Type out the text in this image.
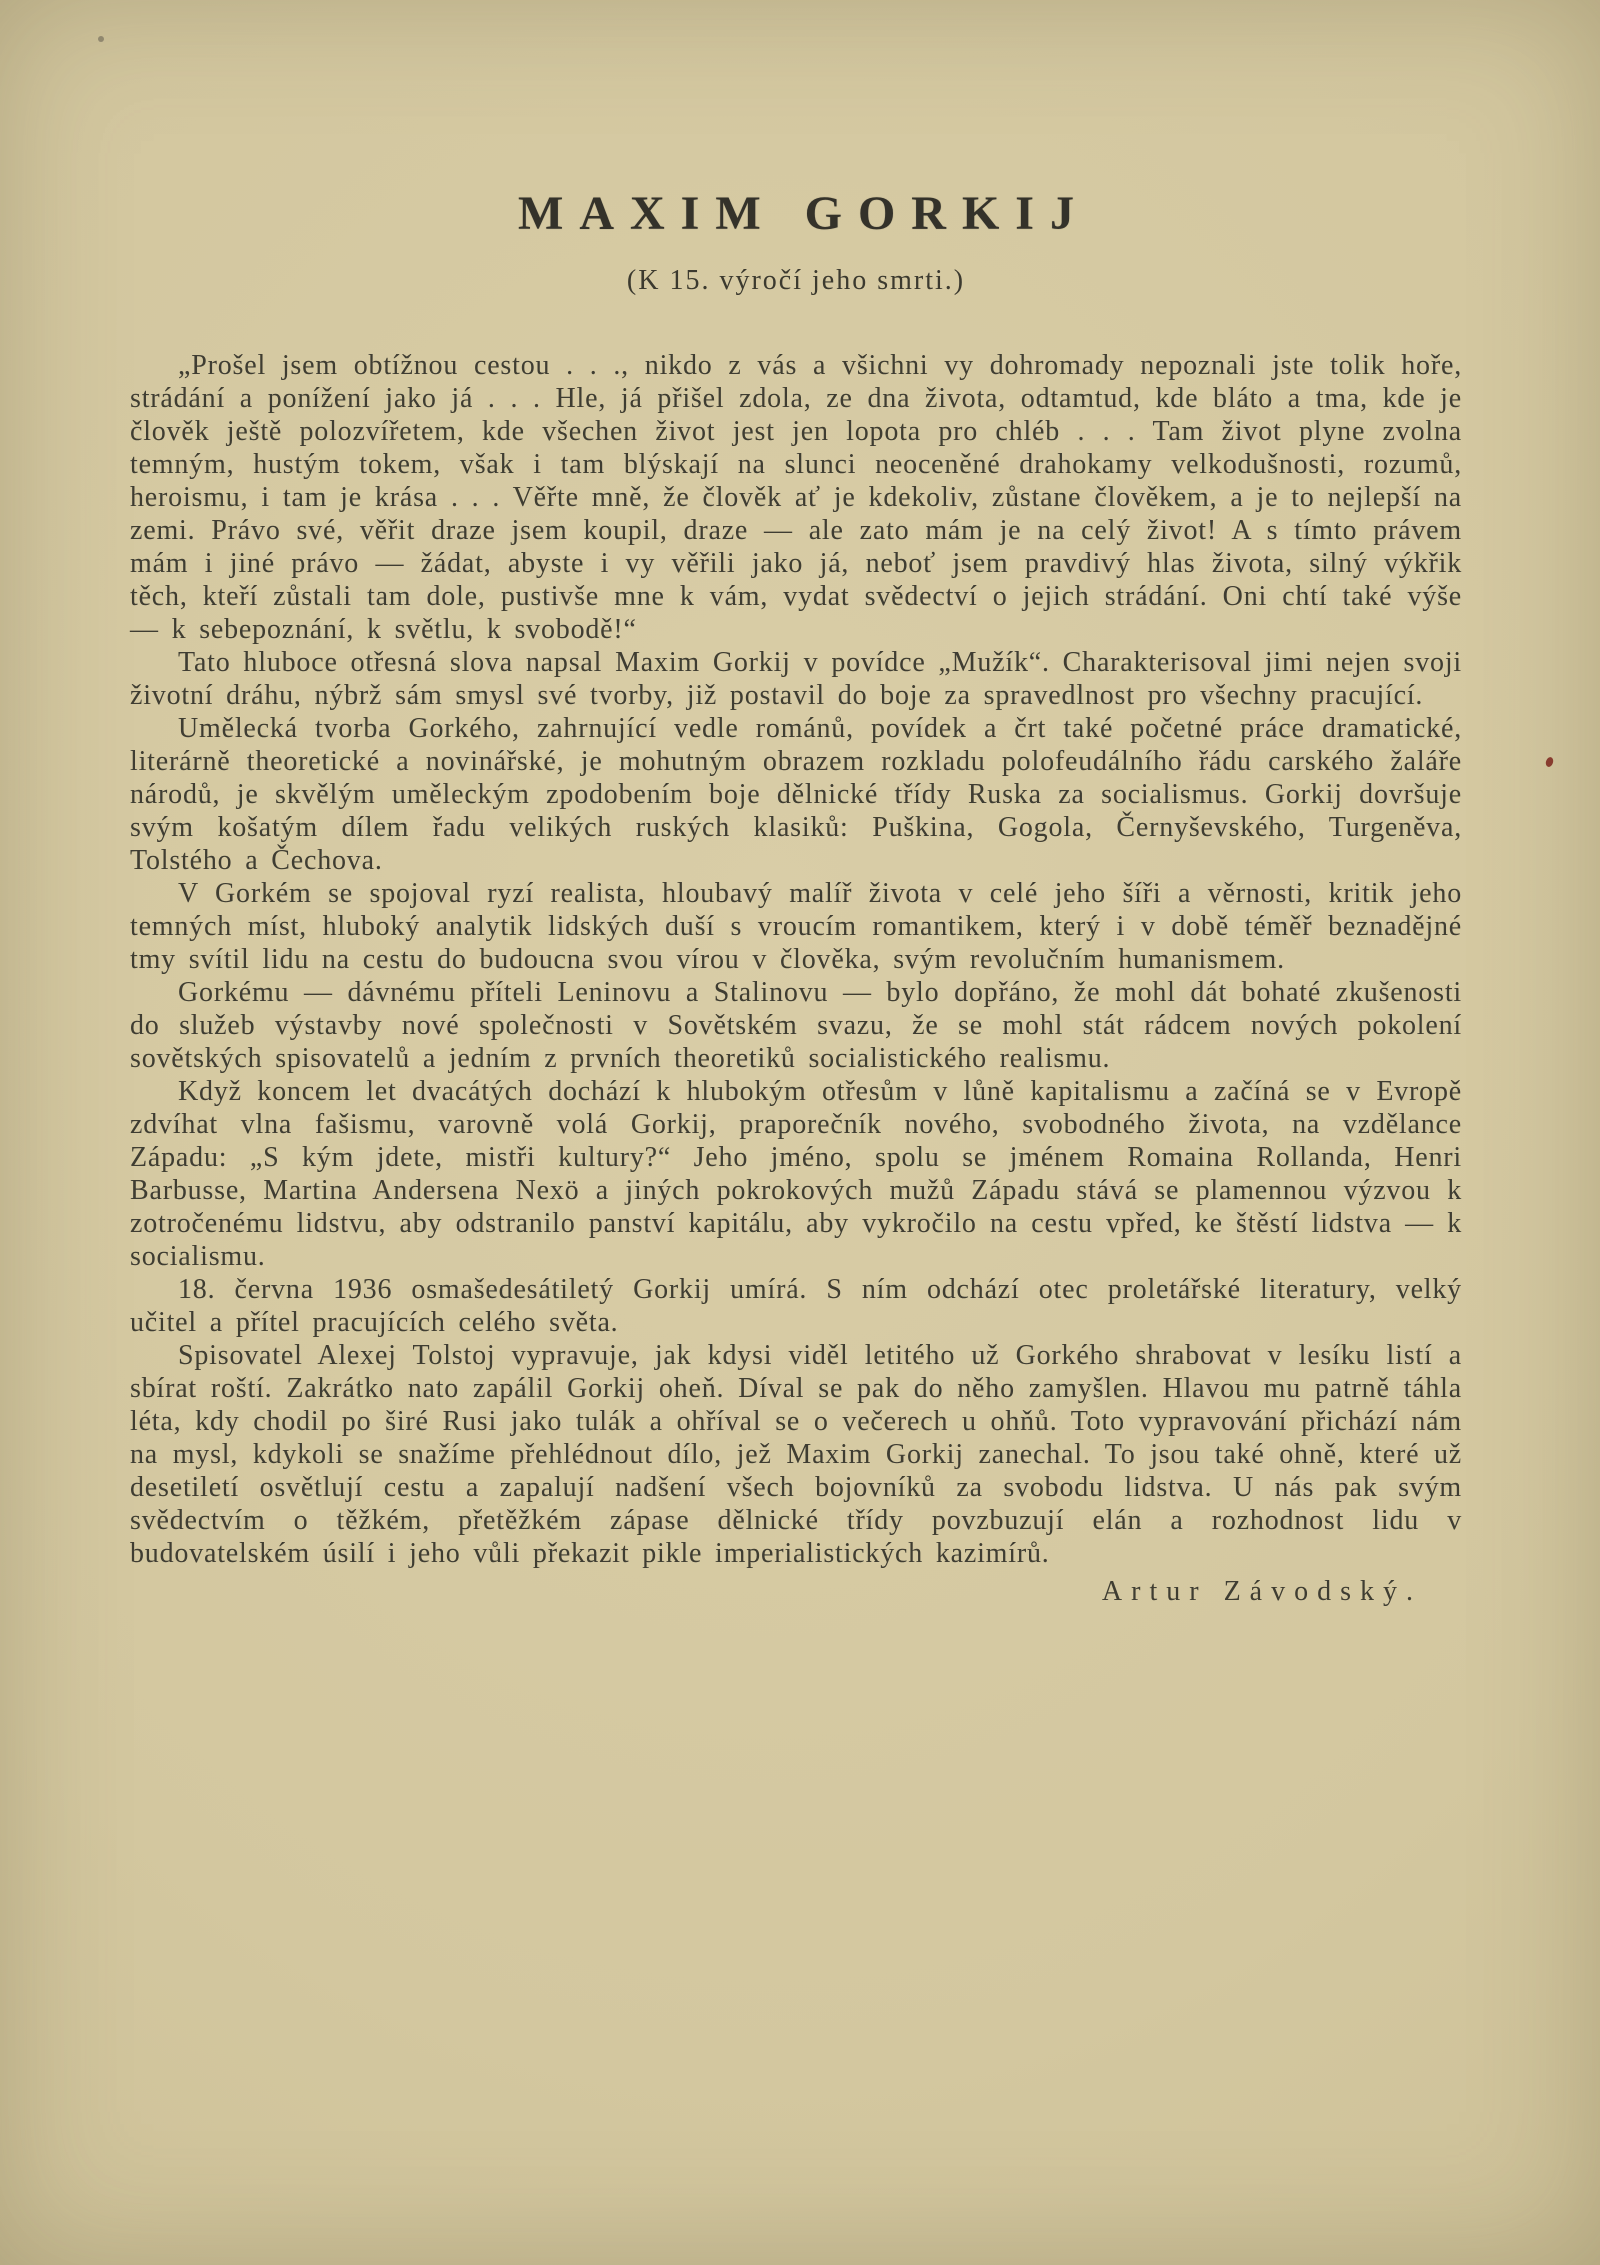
MAXIM GORKIJ
(K 15. výročí jeho smrti.)

„Prošel jsem obtížnou cestou . . ., nikdo z vás a všichni vy dohromady nepoznali jste tolik hoře, strádání a ponížení jako já . . . Hle, já přišel zdola, ze dna života, odtamtud, kde bláto a tma, kde je člověk ještě polozvířetem, kde všechen život jest jen lopota pro chléb . . . Tam život plyne zvolna temným, hustým tokem, však i tam blýskají na slunci neoceněné drahokamy velkodušnosti, rozumů, heroismu, i tam je krása . . . Věřte mně, že člověk ať je kdekoliv, zůstane člověkem, a je to nejlepší na zemi. Právo své, věřit draze jsem koupil, draze — ale zato mám je na celý život! A s tímto právem mám i jiné právo — žádat, abyste i vy věřili jako já, neboť jsem pravdivý hlas života, silný výkřik těch, kteří zůstali tam dole, pustivše mne k vám, vydat svědectví o jejich strádání. Oni chtí také výše — k sebepoznání, k světlu, k svobodě!“

Tato hluboce otřesná slova napsal Maxim Gorkij v povídce „Mužík“. Charakterisoval jimi nejen svoji životní dráhu, nýbrž sám smysl své tvorby, již postavil do boje za spravedlnost pro všechny pracující.

Umělecká tvorba Gorkého, zahrnující vedle románů, povídek a črt také početné práce dramatické, literárně theoretické a novinářské, je mohutným obrazem rozkladu polofeudálního řádu carského žaláře národů, je skvělým uměleckým zpodobením boje dělnické třídy Ruska za socialismus. Gorkij dovršuje svým košatým dílem řadu velikých ruských klasiků: Puškina, Gogola, Černyševského, Turgeněva, Tolstého a Čechova.

V Gorkém se spojoval ryzí realista, hloubavý malíř života v celé jeho šíři a věrnosti, kritik jeho temných míst, hluboký analytik lidských duší s vroucím romantikem, který i v době téměř beznadějné tmy svítil lidu na cestu do budoucna svou vírou v člověka, svým revolučním humanismem.

Gorkému — dávnému příteli Leninovu a Stalinovu — bylo dopřáno, že mohl dát bohaté zkušenosti do služeb výstavby nové společnosti v Sovětském svazu, že se mohl stát rádcem nových pokolení sovětských spisovatelů a jedním z prvních theoretiků socialistického realismu.

Když koncem let dvacátých dochází k hlubokým otřesům v lůně kapitalismu a začíná se v Evropě zdvíhat vlna fašismu, varovně volá Gorkij, praporečník nového, svobodného života, na vzdělance Západu: „S kým jdete, mistři kultury?“ Jeho jméno, spolu se jménem Romaina Rollanda, Henri Barbusse, Martina Andersena Nexö a jiných pokrokových mužů Západu stává se plamennou výzvou k zotročenému lidstvu, aby odstranilo panství kapitálu, aby vykročilo na cestu vpřed, ke štěstí lidstva — k socialismu.

18. června 1936 osmašedesátiletý Gorkij umírá. S ním odchází otec proletářské literatury, velký učitel a přítel pracujících celého světa.

Spisovatel Alexej Tolstoj vypravuje, jak kdysi viděl letitého už Gorkého shrabovat v lesíku listí a sbírat roští. Zakrátko nato zapálil Gorkij oheň. Díval se pak do něho zamyšlen. Hlavou mu patrně táhla léta, kdy chodil po širé Rusi jako tulák a ohříval se o večerech u ohňů. Toto vypravování přichází nám na mysl, kdykoli se snažíme přehlédnout dílo, jež Maxim Gorkij zanechal. To jsou také ohně, které už desetiletí osvětlují cestu a zapalují nadšení všech bojovníků za svobodu lidstva. U nás pak svým svědectvím o těžkém, přetěžkém zápase dělnické třídy povzbuzují elán a rozhodnost lidu v budovatelském úsilí i jeho vůli překazit pikle imperialistických kazimírů.

Artur Závodský.
